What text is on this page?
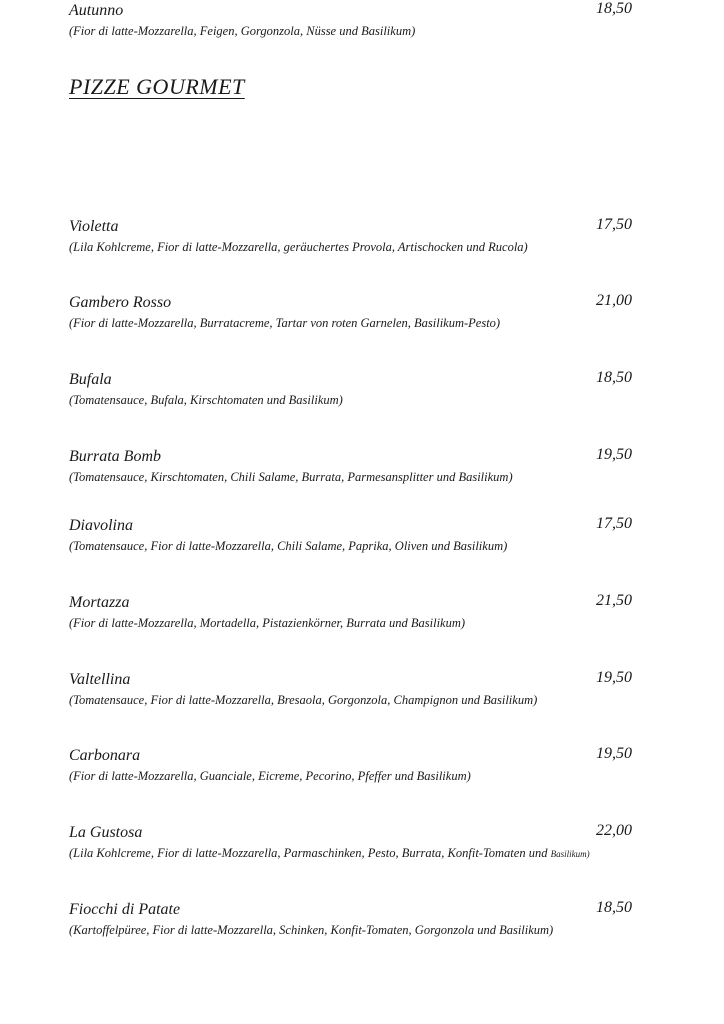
PIZZE GOURMET
Violetta	17,50
(Lila Kohlcreme, Fior di latte-Mozzarella, geräuchertes Provola, Artischocken und Rucola)
Gambero Rosso	21,00
(Fior di latte-Mozzarella, Burratacreme, Tartar von roten Garnelen, Basilikum-Pesto)
Bufala	18,50
(Tomatensauce, Bufala, Kirschtomaten und Basilikum)
Burrata Bomb	19,50
(Tomatensauce, Kirschtomaten, Chili Salame, Burrata, Parmesansplitter und Basilikum)
Diavolina	17,50
(Tomatensauce, Fior di latte-Mozzarella, Chili Salame, Paprika, Oliven und Basilikum)
Mortazza	21,50
(Fior di latte-Mozzarella, Mortadella, Pistazienkörner, Burrata und Basilikum)
Valtellina	19,50
(Tomatensauce, Fior di latte-Mozzarella, Bresaola, Gorgonzola, Champignon und Basilikum)
Carbonara	19,50
(Fior di latte-Mozzarella, Guanciale, Eicreme, Pecorino, Pfeffer und Basilikum)
La Gustosa	22,00
(Lila Kohlcreme, Fior di latte-Mozzarella, Parmaschinken, Pesto, Burrata, Konfit-Tomaten und Basilikum)
Fiocchi di Patate	18,50
(Kartoffelpüree, Fior di latte-Mozzarella, Schinken, Konfit-Tomaten, Gorgonzola und Basilikum)
Autunno	18,50
(Fior di latte-Mozzarella, Feigen, Gorgonzola, Nüsse und Basilikum)
